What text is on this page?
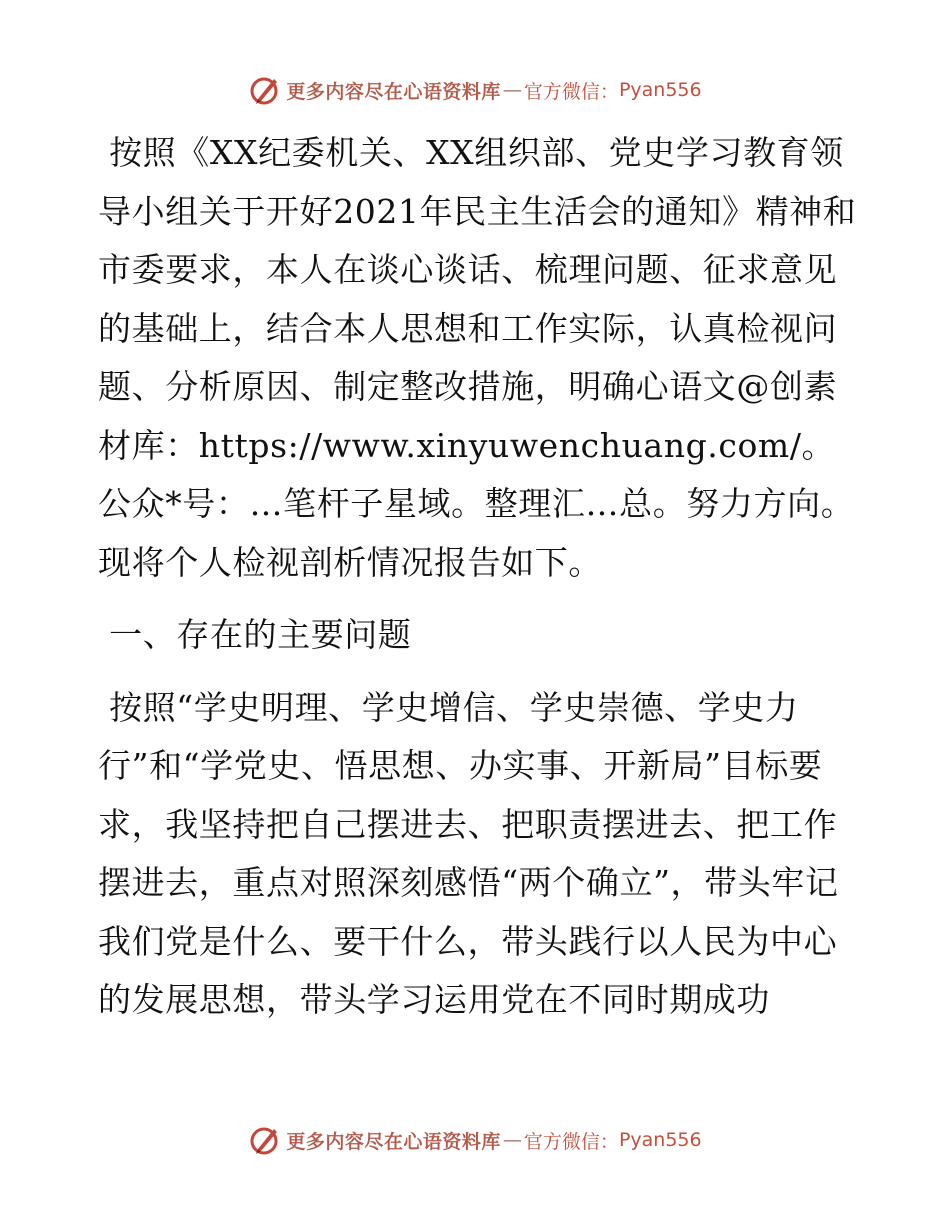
更多内容尽在心语资料库 — 官方微信： Pyan556

按照《XX纪委机关、XX组织部、党史学习教育领导小组关于开好2021年民主生活会的通知》精神和市委要求，本人在谈心谈话、梳理问题、征求意见的基础上，结合本人思想和工作实际，认真检视问题、分析原因、制定整改措施，明确心语文@创素材库：https://www.xinyuwenchuang.com/。公众*号：…笔杆子星域。整理汇…总。努力方向。现将个人检视剖析情况报告如下。

一、存在的主要问题

按照“学史明理、学史增信、学史崇德、学史力行”和“学党史、悟思想、办实事、开新局”目标要求，我坚持把自己摆进去、把职责摆进去、把工作摆进去，重点对照深刻感悟“两个确立”，带头牢记我们党是什么、要干什么，带头践行以人民为中心的发展思想，带头学习运用党在不同时期成功

更多内容尽在心语资料库 — 官方微信： Pyan556
